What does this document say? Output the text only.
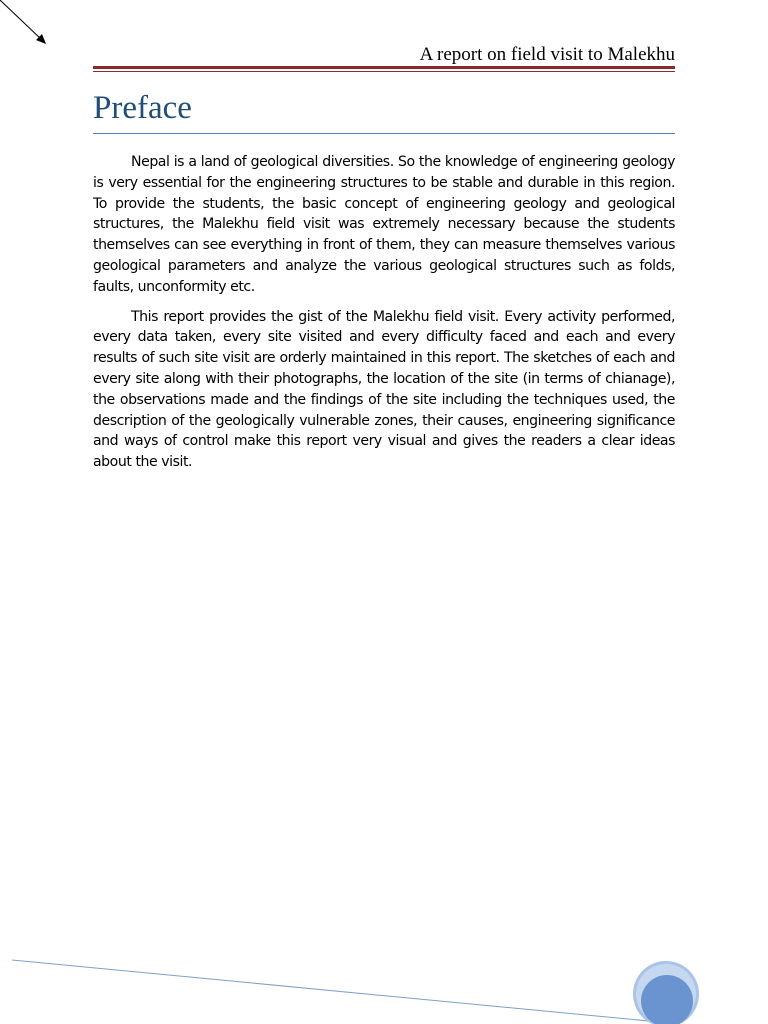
A report on field visit to Malekhu
Preface

Nepal is a land of geological diversities. So the knowledge of engineering geology is very essential for the engineering structures to be stable and durable in this region. To provide the students, the basic concept of engineering geology and geological structures, the Malekhu field visit was extremely necessary because the students themselves can see everything in front of them, they can measure themselves various geological parameters and analyze the various geological structures such as folds, faults, unconformity etc.

This report provides the gist of the Malekhu field visit. Every activity performed, every data taken, every site visited and every difficulty faced and each and every results of such site visit are orderly maintained in this report. The sketches of each and every site along with their photographs, the location of the site (in terms of chianage), the observations made and the findings of the site including the techniques used, the description of the geologically vulnerable zones, their causes, engineering significance and ways of control make this report very visual and gives the readers a clear ideas about the visit.
